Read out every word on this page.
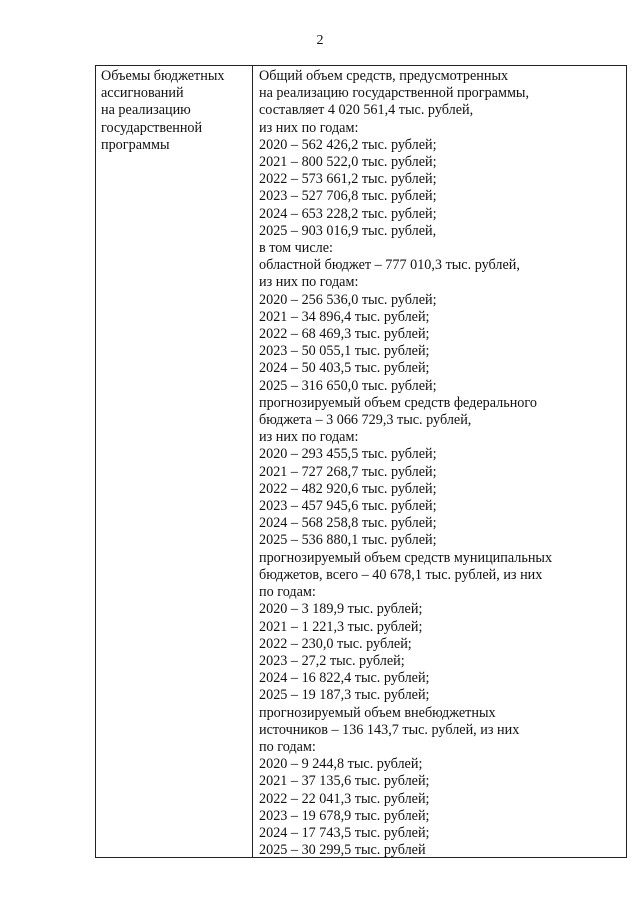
2
Объемы бюджетных
ассигнований
на реализацию
государственной
программы
Общий объем средств, предусмотренных
на реализацию государственной программы,
составляет 4 020 561,4 тыс. рублей,
из них по годам:
2020 – 562 426,2 тыс. рублей;
2021 – 800 522,0 тыс. рублей;
2022 – 573 661,2 тыс. рублей;
2023 – 527 706,8 тыс. рублей;
2024 – 653 228,2 тыс. рублей;
2025 – 903 016,9 тыс. рублей,
в том числе:
областной бюджет – 777 010,3 тыс. рублей,
из них по годам:
2020 – 256 536,0 тыс. рублей;
2021 – 34 896,4 тыс. рублей;
2022 – 68 469,3 тыс. рублей;
2023 – 50 055,1 тыс. рублей;
2024 – 50 403,5 тыс. рублей;
2025 – 316 650,0 тыс. рублей;
прогнозируемый объем средств федерального
бюджета – 3 066 729,3 тыс. рублей,
из них по годам:
2020 – 293 455,5 тыс. рублей;
2021 – 727 268,7 тыс. рублей;
2022 – 482 920,6 тыс. рублей;
2023 – 457 945,6 тыс. рублей;
2024 – 568 258,8 тыс. рублей;
2025 – 536 880,1 тыс. рублей;
прогнозируемый объем средств муниципальных
бюджетов, всего – 40 678,1 тыс. рублей, из них
по годам:
2020 – 3 189,9 тыс. рублей;
2021 – 1 221,3 тыс. рублей;
2022 – 230,0 тыс. рублей;
2023 – 27,2 тыс. рублей;
2024 – 16 822,4 тыс. рублей;
2025 – 19 187,3 тыс. рублей;
прогнозируемый объем внебюджетных
источников – 136 143,7 тыс. рублей, из них
по годам:
2020 – 9 244,8 тыс. рублей;
2021 – 37 135,6 тыс. рублей;
2022 – 22 041,3 тыс. рублей;
2023 – 19 678,9 тыс. рублей;
2024 – 17 743,5 тыс. рублей;
2025 – 30 299,5 тыс. рублей
